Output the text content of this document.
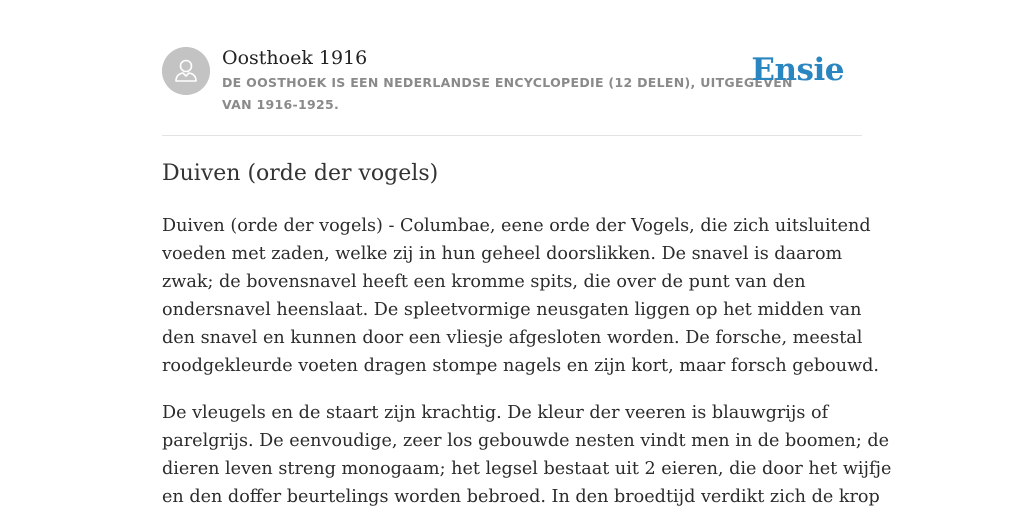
Oosthoek 1916
DE OOSTHOEK IS EEN NEDERLANDSE ENCYCLOPEDIE (12 DELEN), UITGEGEVEN
VAN 1916-1925.
Ensie
Duiven (orde der vogels)

Duiven (orde der vogels) - Columbae, eene orde der Vogels, die zich uitsluitend
voeden met zaden, welke zij in hun geheel doorslikken. De snavel is daarom
zwak; de bovensnavel heeft een kromme spits, die over de punt van den
ondersnavel heenslaat. De spleetvormige neusgaten liggen op het midden van
den snavel en kunnen door een vliesje afgesloten worden. De forsche, meestal
roodgekleurde voeten dragen stompe nagels en zijn kort, maar forsch gebouwd.

De vleugels en de staart zijn krachtig. De kleur der veeren is blauwgrijs of
parelgrijs. De eenvoudige, zeer los gebouwde nesten vindt men in de boomen; de
dieren leven streng monogaam; het legsel bestaat uit 2 eieren, die door het wijfje
en den doffer beurtelings worden bebroed. In den broedtijd verdikt zich de krop
